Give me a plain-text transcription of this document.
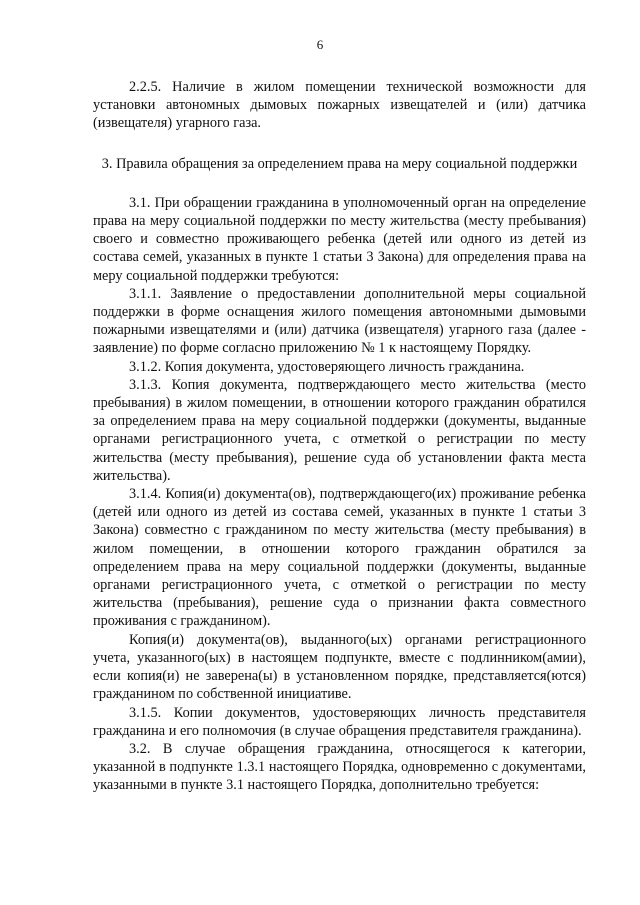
6

2.2.5. Наличие в жилом помещении технической возможности для установки автономных дымовых пожарных извещателей и (или) датчика (извещателя) угарного газа.

3. Правила обращения за определением права на меру социальной поддержки

3.1. При обращении гражданина в уполномоченный орган на определение права на меру социальной поддержки по месту жительства (месту пребывания) своего и совместно проживающего ребенка (детей или одного из детей из состава семей, указанных в пункте 1 статьи 3 Закона) для определения права на меру социальной поддержки требуются:

3.1.1. Заявление о предоставлении дополнительной меры социальной поддержки в форме оснащения жилого помещения автономными дымовыми пожарными извещателями и (или) датчика (извещателя) угарного газа (далее - заявление) по форме согласно приложению № 1 к настоящему Порядку.

3.1.2. Копия документа, удостоверяющего личность гражданина.

3.1.3. Копия документа, подтверждающего место жительства (место пребывания) в жилом помещении, в отношении которого гражданин обратился за определением права на меру социальной поддержки (документы, выданные органами регистрационного учета, с отметкой о регистрации по месту жительства (месту пребывания), решение суда об установлении факта места жительства).

3.1.4. Копия(и) документа(ов), подтверждающего(их) проживание ребенка (детей или одного из детей из состава семей, указанных в пункте 1 статьи 3 Закона) совместно с гражданином по месту жительства (месту пребывания) в жилом помещении, в отношении которого гражданин обратился за определением права на меру социальной поддержки (документы, выданные органами регистрационного учета, с отметкой о регистрации по месту жительства (пребывания), решение суда о признании факта совместного проживания с гражданином).

Копия(и) документа(ов), выданного(ых) органами регистрационного учета, указанного(ых) в настоящем подпункте, вместе с подлинником(амии), если копия(и) не заверена(ы) в установленном порядке, представляется(ются) гражданином по собственной инициативе.

3.1.5. Копии документов, удостоверяющих личность представителя гражданина и его полномочия (в случае обращения представителя гражданина).

3.2. В случае обращения гражданина, относящегося к категории, указанной в подпункте 1.3.1 настоящего Порядка, одновременно с документами, указанными в пункте 3.1 настоящего Порядка, дополнительно требуется:
